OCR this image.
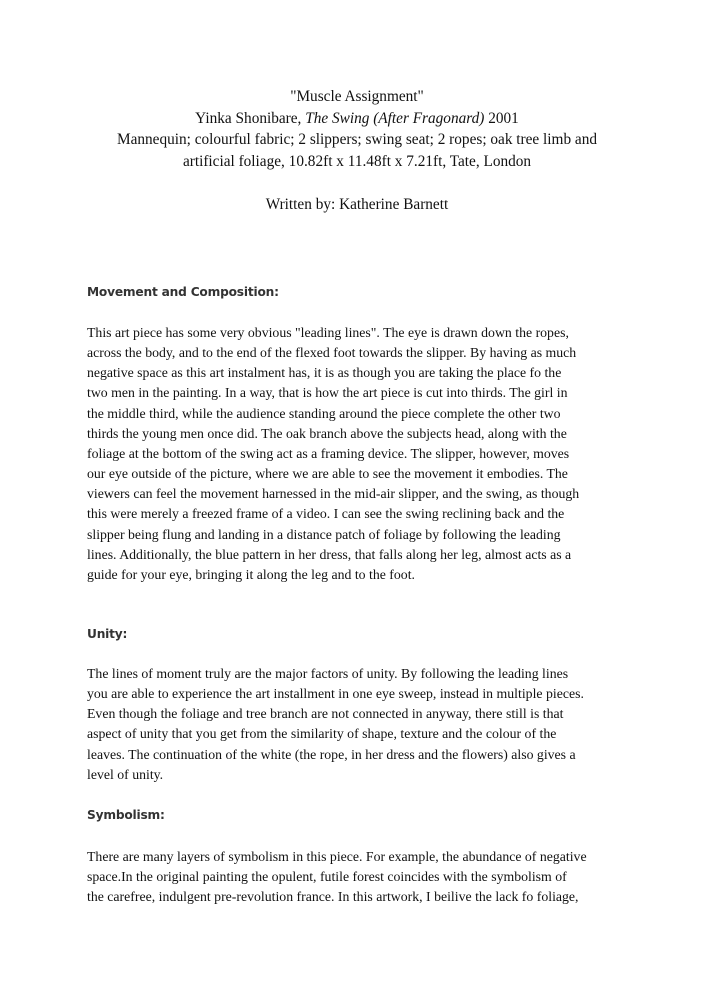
"Muscle Assignment"
Yinka Shonibare, The Swing (After Fragonard) 2001
Mannequin; colourful fabric; 2 slippers; swing seat; 2 ropes; oak tree limb and
artificial foliage, 10.82ft x 11.48ft x 7.21ft, Tate, London
Written by: Katherine Barnett
Movement and Composition:

This art piece has some very obvious "leading lines". The eye is drawn down the ropes,
across the body, and to the end of the flexed foot towards the slipper. By having as much
negative space as this art instalment has, it is as though you are taking the place fo the
two men in the painting. In a way, that is how the art piece is cut into thirds. The girl in
the middle third, while the audience standing around the piece complete the other two
thirds the young men once did. The oak branch above the subjects head, along with the
foliage at the bottom of the swing act as a framing device. The slipper, however, moves
our eye outside of the picture, where we are able to see the movement it embodies. The
viewers can feel the movement harnessed in the mid-air slipper, and the swing, as though
this were merely a freezed frame of a video. I can see the swing reclining back and the
slipper being flung and landing in a distance patch of foliage by following the leading
lines. Additionally, the blue pattern in her dress, that falls along her leg, almost acts as a
guide for your eye, bringing it along the leg and to the foot.

Unity:

The lines of moment truly are the major factors of unity. By following the leading lines
you are able to experience the art installment in one eye sweep, instead in multiple pieces.
Even though the foliage and tree branch are not connected in anyway, there still is that
aspect of unity that you get from the similarity of shape, texture and the colour of the
leaves. The continuation of the white (the rope, in her dress and the flowers) also gives a
level of unity.

Symbolism:

There are many layers of symbolism in this piece. For example, the abundance of negative
space.In the original painting the opulent, futile forest coincides with the symbolism of
the carefree, indulgent pre-revolution france. In this artwork, I beilive the lack fo foliage,
